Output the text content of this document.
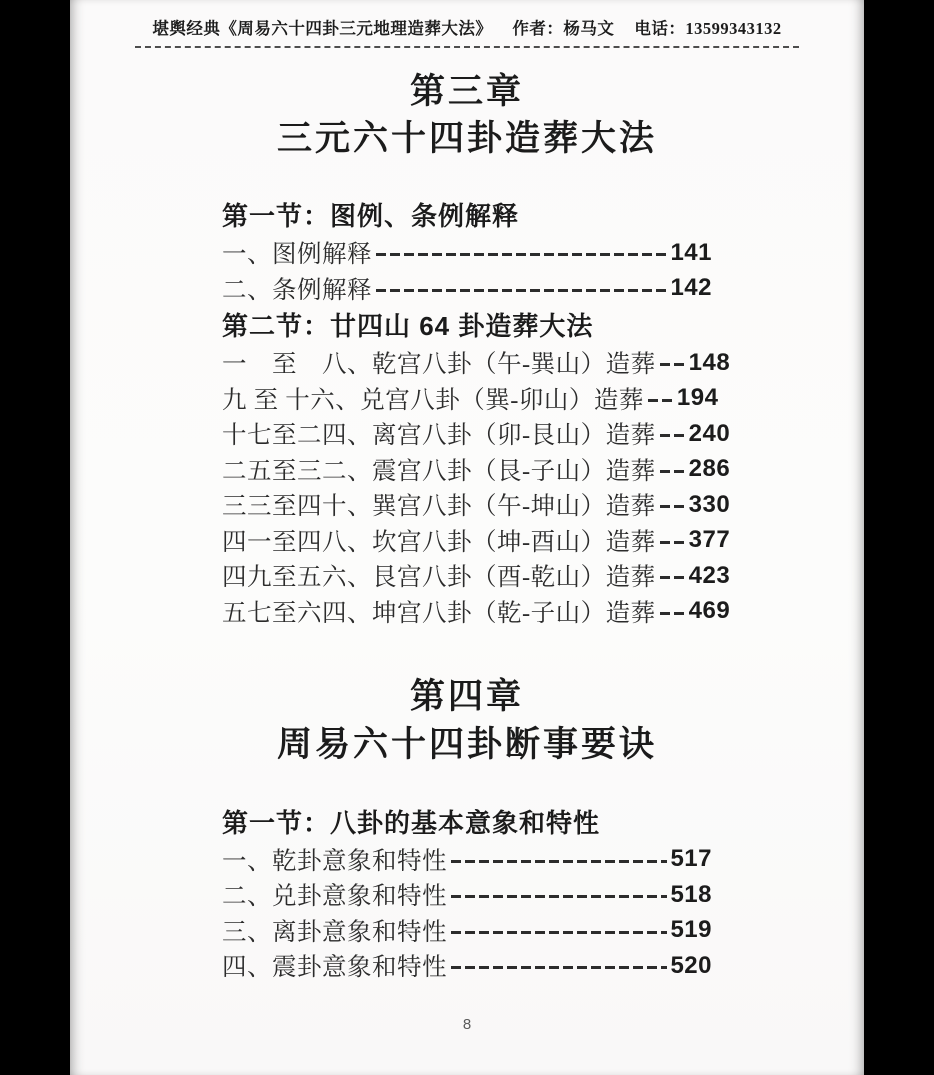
堪舆经典《周易六十四卦三元地理造葬大法》 作者：杨马文 电话：13599343132
第三章
三元六十四卦造葬大法
第一节：图例、条例解释
一、图例解释	141
二、条例解释	142
第二节：廿四山 64 卦造葬大法
一　至　八、乾宫八卦（午-巽山）造葬 148
九 至 十六、兑宫八卦（巽-卯山）造葬 194
十七至二四、离宫八卦（卯-艮山）造葬 240
二五至三二、震宫八卦（艮-子山）造葬 286
三三至四十、巽宫八卦（午-坤山）造葬 330
四一至四八、坎宫八卦（坤-酉山）造葬 377
四九至五六、艮宫八卦（酉-乾山）造葬 423
五七至六四、坤宫八卦（乾-子山）造葬 469
第四章
周易六十四卦断事要诀
第一节：八卦的基本意象和特性
一、乾卦意象和特性	517
二、兑卦意象和特性	518
三、离卦意象和特性	519
四、震卦意象和特性	520
8
